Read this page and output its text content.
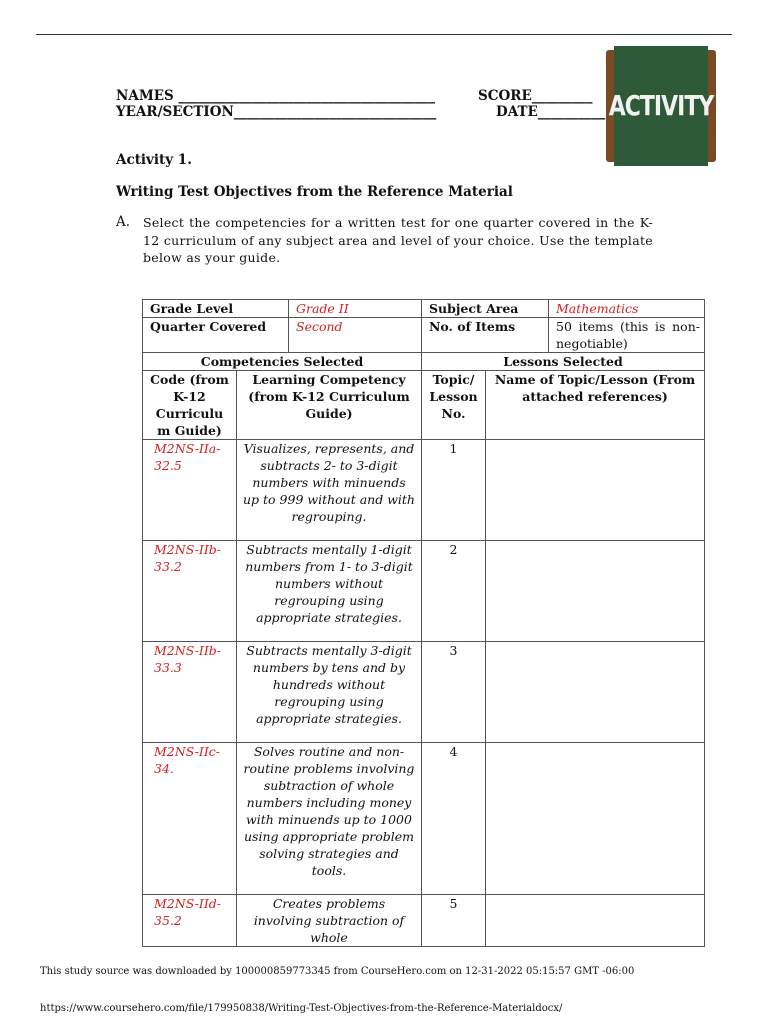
NAMES ______________________________________
YEAR/SECTION______________________________
SCORE_________
DATE__________ ACTIVITY
Activity 1.
Writing Test Objectives from the Reference Material
A. Select the competencies for a written test for one quarter covered in the K-12 curriculum of any subject area and level of your choice. Use the template below as your guide.
Grade Level		Grade II	Subject Area		Mathematics
Quarter Covered		Second	No. of Items		50 items (this is non-negotiable)
Competencies Selected			Lessons Selected		
Code (from K-12 Curriculu m Guide)	Learning Competency (from K-12 Curriculum Guide)		Topic/ Lesson No.	Name of Topic/Lesson (From attached references)	
M2NS-IIa-32.5	Visualizes, represents, and subtracts 2- to 3-digit numbers with minuends up to 999 without and with regrouping.		1		
M2NS-IIb-33.2	Subtracts mentally 1-digit numbers from 1- to 3-digit numbers without regrouping using appropriate strategies.		2		
M2NS-IIb-33.3	Subtracts mentally 3-digit numbers by tens and by hundreds without regrouping using appropriate strategies.		3		
M2NS-IIc-34.	Solves routine and non-routine problems involving subtraction of whole numbers including money with minuends up to 1000 using appropriate problem solving strategies and tools.		4		
M2NS-IId-35.2	Creates problems involving subtraction of whole		5		
This study source was downloaded by 100000859773345 from CourseHero.com on 12-31-2022 05:15:57 GMT -06:00
https://www.coursehero.com/file/179950838/Writing-Test-Objectives-from-the-Reference-Materialdocx/
